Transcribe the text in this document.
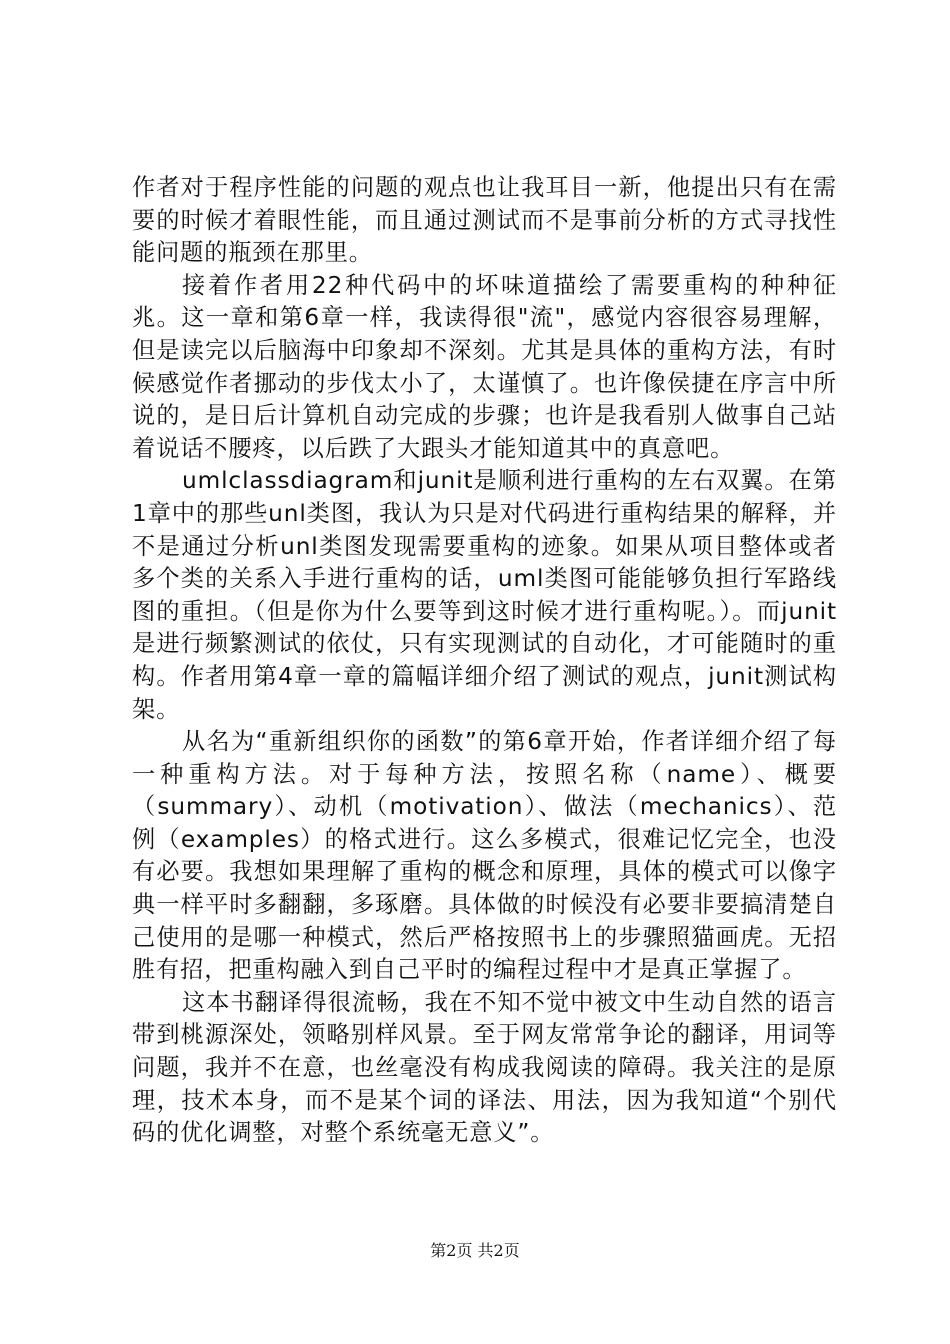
作者对于程序性能的问题的观点也让我耳目一新，他提出只有在需要的时候才着眼性能，而且通过测试而不是事前分析的方式寻找性能问题的瓶颈在那里。

接着作者用22种代码中的坏味道描绘了需要重构的种种征兆。这一章和第6章一样，我读得很"流"，感觉内容很容易理解，但是读完以后脑海中印象却不深刻。尤其是具体的重构方法，有时候感觉作者挪动的步伐太小了，太谨慎了。也许像侯捷在序言中所说的，是日后计算机自动完成的步骤；也许是我看别人做事自己站着说话不腰疼，以后跌了大跟头才能知道其中的真意吧。

umlclassdiagram和junit是顺利进行重构的左右双翼。在第1章中的那些unl类图，我认为只是对代码进行重构结果的解释，并不是通过分析unl类图发现需要重构的迹象。如果从项目整体或者多个类的关系入手进行重构的话，uml类图可能能够负担行军路线图的重担。（但是你为什么要等到这时候才进行重构呢。）。而junit是进行频繁测试的依仗，只有实现测试的自动化，才可能随时的重构。作者用第4章一章的篇幅详细介绍了测试的观点，junit测试构架。

从名为“重新组织你的函数”的第6章开始，作者详细介绍了每一种重构方法。对于每种方法，按照名称（name）、概要（summary）、动机（motivation）、做法（mechanics）、范例（examples）的格式进行。这么多模式，很难记忆完全，也没有必要。我想如果理解了重构的概念和原理，具体的模式可以像字典一样平时多翻翻，多琢磨。具体做的时候没有必要非要搞清楚自己使用的是哪一种模式，然后严格按照书上的步骤照猫画虎。无招胜有招，把重构融入到自己平时的编程过程中才是真正掌握了。

这本书翻译得很流畅，我在不知不觉中被文中生动自然的语言带到桃源深处，领略别样风景。至于网友常常争论的翻译，用词等问题，我并不在意，也丝毫没有构成我阅读的障碍。我关注的是原理，技术本身，而不是某个词的译法、用法，因为我知道“个别代码的优化调整，对整个系统毫无意义”。

第2页 共2页
